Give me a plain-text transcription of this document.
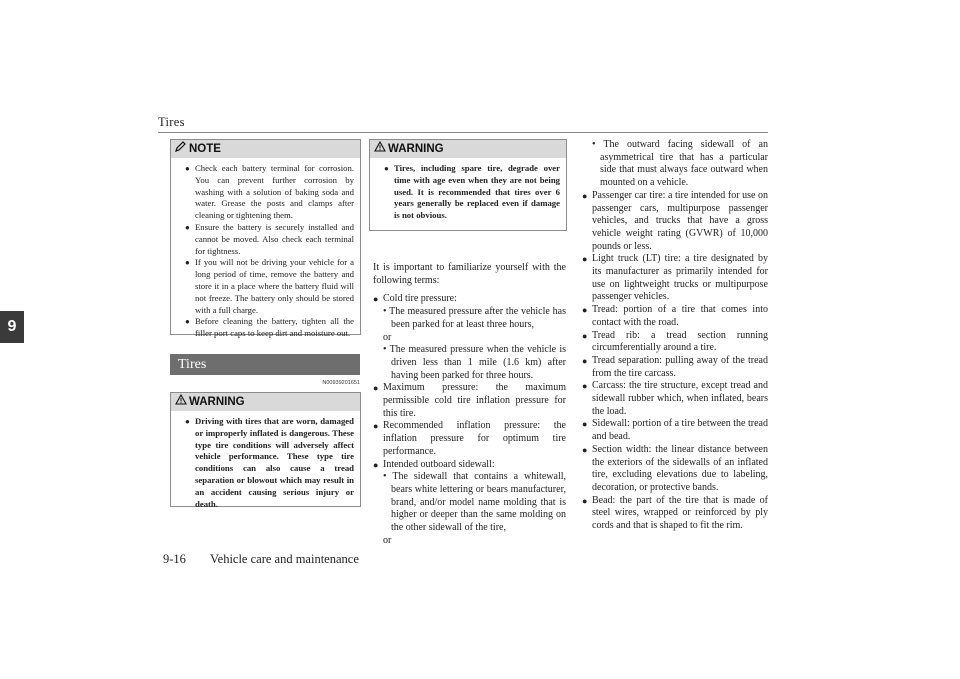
Tires
9
NOTE
● Check each battery terminal for corrosion. You can prevent further corrosion by washing with a solution of baking soda and water. Grease the posts and clamps after cleaning or tightening them.
● Ensure the battery is securely installed and cannot be moved. Also check each terminal for tightness.
● If you will not be driving your vehicle for a long period of time, remove the battery and store it in a place where the battery fluid will not freeze. The battery only should be stored with a full charge.
● Before cleaning the battery, tighten all the filler port caps to keep dirt and moisture out.
Tires
N00939201651
WARNING
● Driving with tires that are worn, damaged or improperly inflated is dangerous. These type tire conditions will adversely affect vehicle performance. These type tire conditions can also cause a tread separation or blowout which may result in an accident causing serious injury or death.
WARNING
● Tires, including spare tire, degrade over time with age even when they are not being used. It is recommended that tires over 6 years generally be replaced even if damage is not obvious.

It is important to familiarize yourself with the following terms:

● Cold tire pressure:
• The measured pressure after the vehicle has been parked for at least three hours,
or
• The measured pressure when the vehicle is driven less than 1 mile (1.6 km) after having been parked for three hours.
● Maximum pressure: the maximum permissible cold tire inflation pressure for this tire.
● Recommended inflation pressure: the inflation pressure for optimum tire performance.
● Intended outboard sidewall:
• The sidewall that contains a whitewall, bears white lettering or bears manufacturer, brand, and/or model name molding that is higher or deeper than the same molding on the other sidewall of the tire,
or
• The outward facing sidewall of an asymmetrical tire that has a particular side that must always face outward when mounted on a vehicle.
● Passenger car tire: a tire intended for use on passenger cars, multipurpose passenger vehicles, and trucks that have a gross vehicle weight rating (GVWR) of 10,000 pounds or less.
● Light truck (LT) tire: a tire designated by its manufacturer as primarily intended for use on lightweight trucks or multipurpose passenger vehicles.
● Tread: portion of a tire that comes into contact with the road.
● Tread rib: a tread section running circumferentially around a tire.
● Tread separation: pulling away of the tread from the tire carcass.
● Carcass: the tire structure, except tread and sidewall rubber which, when inflated, bears the load.
● Sidewall: portion of a tire between the tread and bead.
● Section width: the linear distance between the exteriors of the sidewalls of an inflated tire, excluding elevations due to labeling, decoration, or protective bands.
● Bead: the part of the tire that is made of steel wires, wrapped or reinforced by ply cords and that is shaped to fit the rim.
9-16 Vehicle care and maintenance
